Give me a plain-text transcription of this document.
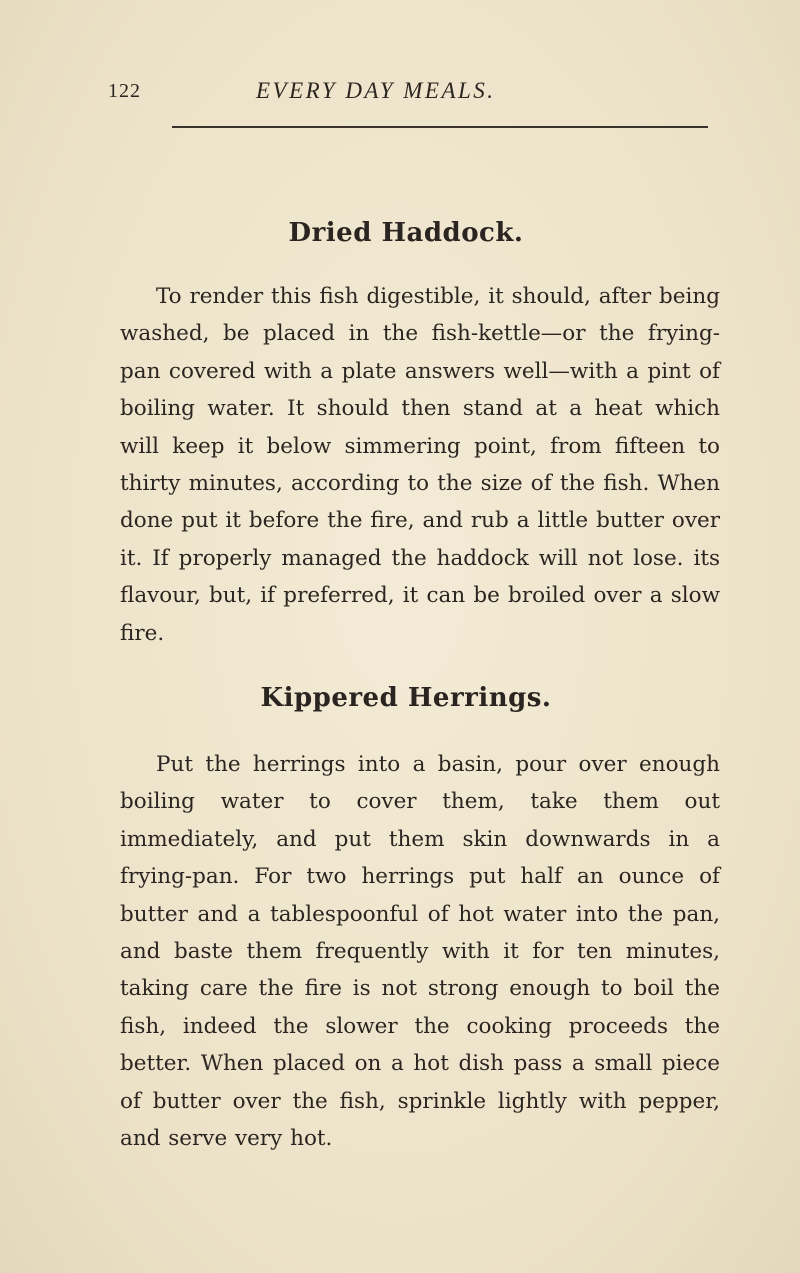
122	EVERY DAY MEALS.
Dried Haddock.

To render this fish digestible, it should, after being washed, be placed in the fish-kettle—or the frying-pan covered with a plate answers well—with a pint of boiling water. It should then stand at a heat which will keep it below simmering point, from fifteen to thirty minutes, according to the size of the fish. When done put it before the fire, and rub a little butter over it. If properly managed the haddock will not lose. its flavour, but, if preferred, it can be broiled over a slow fire.

Kippered Herrings.

Put the herrings into a basin, pour over enough boiling water to cover them, take them out immediately, and put them skin downwards in a frying-pan. For two herrings put half an ounce of butter and a tablespoonful of hot water into the pan, and baste them frequently with it for ten minutes, taking care the fire is not strong enough to boil the fish, indeed the slower the cooking proceeds the better. When placed on a hot dish pass a small piece of butter over the fish, sprinkle lightly with pepper, and serve very hot.
